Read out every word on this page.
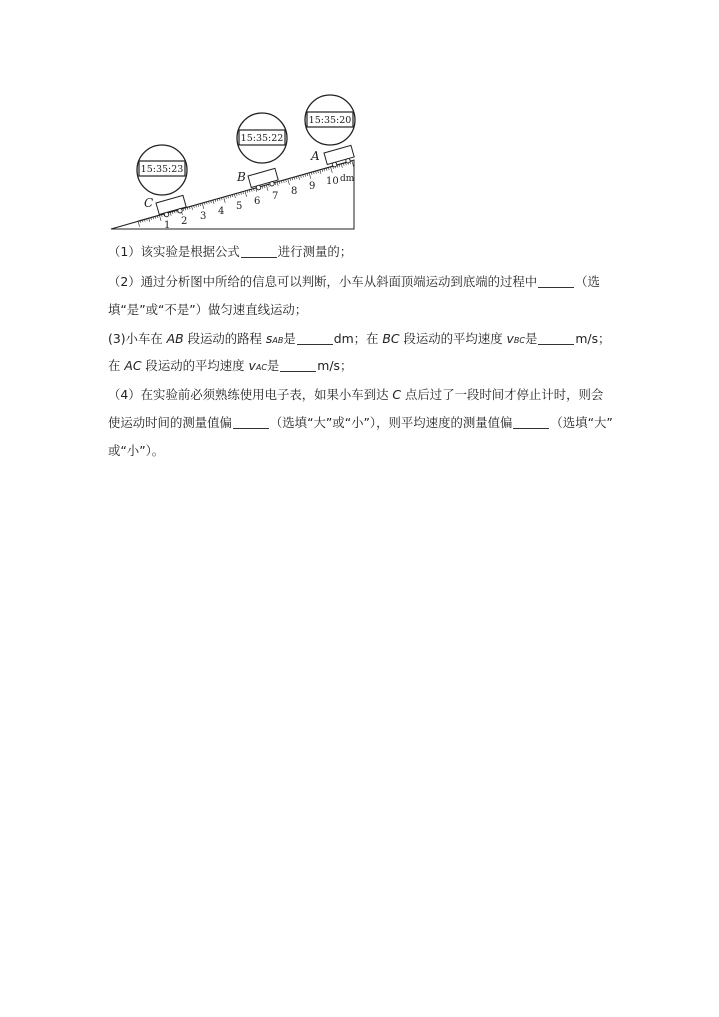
1 2 3 4 5 6 7 8 9 10 dm
C
B
A
15:35:23
15:35:22
15:35:20
（1）该实验是根据公式	进行测量的；
（2）通过分析图中所给的信息可以判断，小车从斜面顶端运动到底端的过程中	（选
填“是”或“不是”）做匀速直线运动；
(3)小车在 AB 段运动的路程 sAB是	dm；在 BC 段运动的平均速度 vBC是	m/s；
在 AC 段运动的平均速度 vAC是	m/s；
（4）在实验前必须熟练使用电子表，如果小车到达 C 点后过了一段时间才停止计时，则会
使运动时间的测量值偏	（选填“大”或“小”），则平均速度的测量值偏	（选填“大”
或“小”）。
